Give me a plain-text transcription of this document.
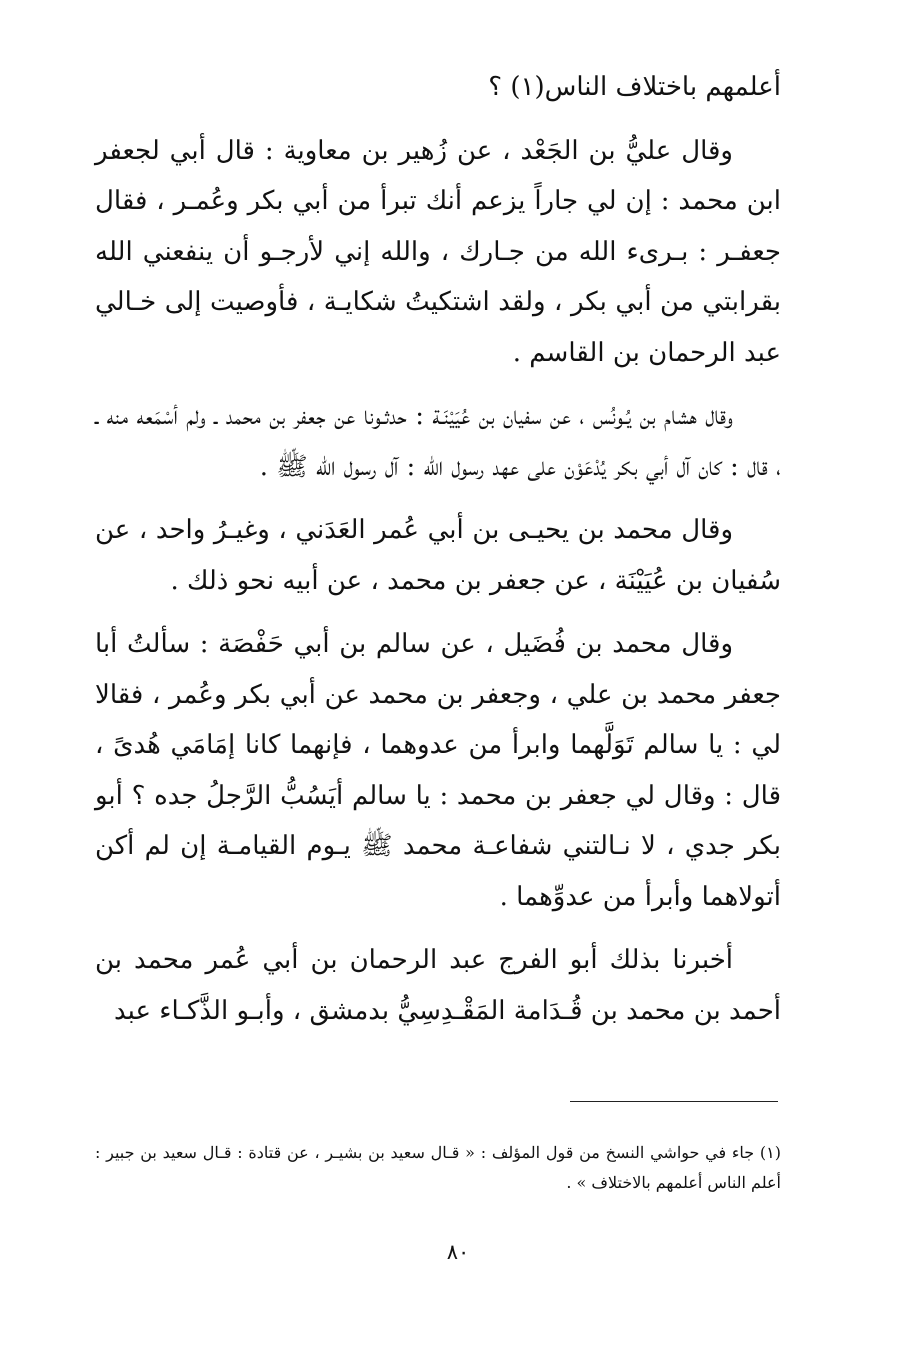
أعلمهم باختلاف الناس(١) ؟

وقال عليُّ بن الجَعْد ، عن زُهير بن معاوية : قال أبي لجعفر ابن محمد : إن لي جاراً يزعم أنك تبرأ من أبي بكر وعُمـر ، فقال جعفـر : بـرىء الله من جـارك ، والله إني لأرجـو أن ينفعني الله بقرابتي من أبي بكر ، ولقد اشتكيتُ شكايـة ، فأوصيت إلى خـالي عبد الرحمان بن القاسم .

وقال هشام بن يُـونُس ، عن سفيان بن عُيَيْنَـة : حدثـونا عن جعفر بن محمد ـ ولم أسْمَعه منه ـ ، قال : كان آل أبي بكر يُدْعَوْن على عهد رسول الله : آل رسول الله ﷺ .

وقال محمد بن يحيـى بن أبي عُمر العَدَني ، وغيـرُ واحد ، عن سُفيان بن عُيَيْنَة ، عن جعفر بن محمد ، عن أبيه نحو ذلك .

وقال محمد بن فُضَيل ، عن سالم بن أبي حَفْصَة : سألتُ أبا جعفر محمد بن علي ، وجعفر بن محمد عن أبي بكر وعُمر ، فقالا لي : يا سالم تَوَلَّهما وابرأ من عدوهما ، فإنهما كانا إمَامَي هُدىً ، قال : وقال لي جعفر بن محمد : يا سالم أيَسُبُّ الرَّجلُ جده ؟ أبو بكر جدي ، لا نـالتني شفاعـة محمد ﷺ يـوم القيامـة إن لم أكن أتولاهما وأبرأ من عدوِّهما .

أخبرنا بذلك أبو الفرج عبد الرحمان بن أبي عُمر محمد بن أحمد بن محمد بن قُـدَامة المَقْـدِسِيُّ بدمشق ، وأبـو الذَّكـاء عبد

(١) جاء في حواشي النسخ من قول المؤلف : « قـال سعيد بن بشيـر ، عن قتادة : قـال سعيد بن جبير : أعلم الناس أعلمهم بالاختلاف » .
٨٠
